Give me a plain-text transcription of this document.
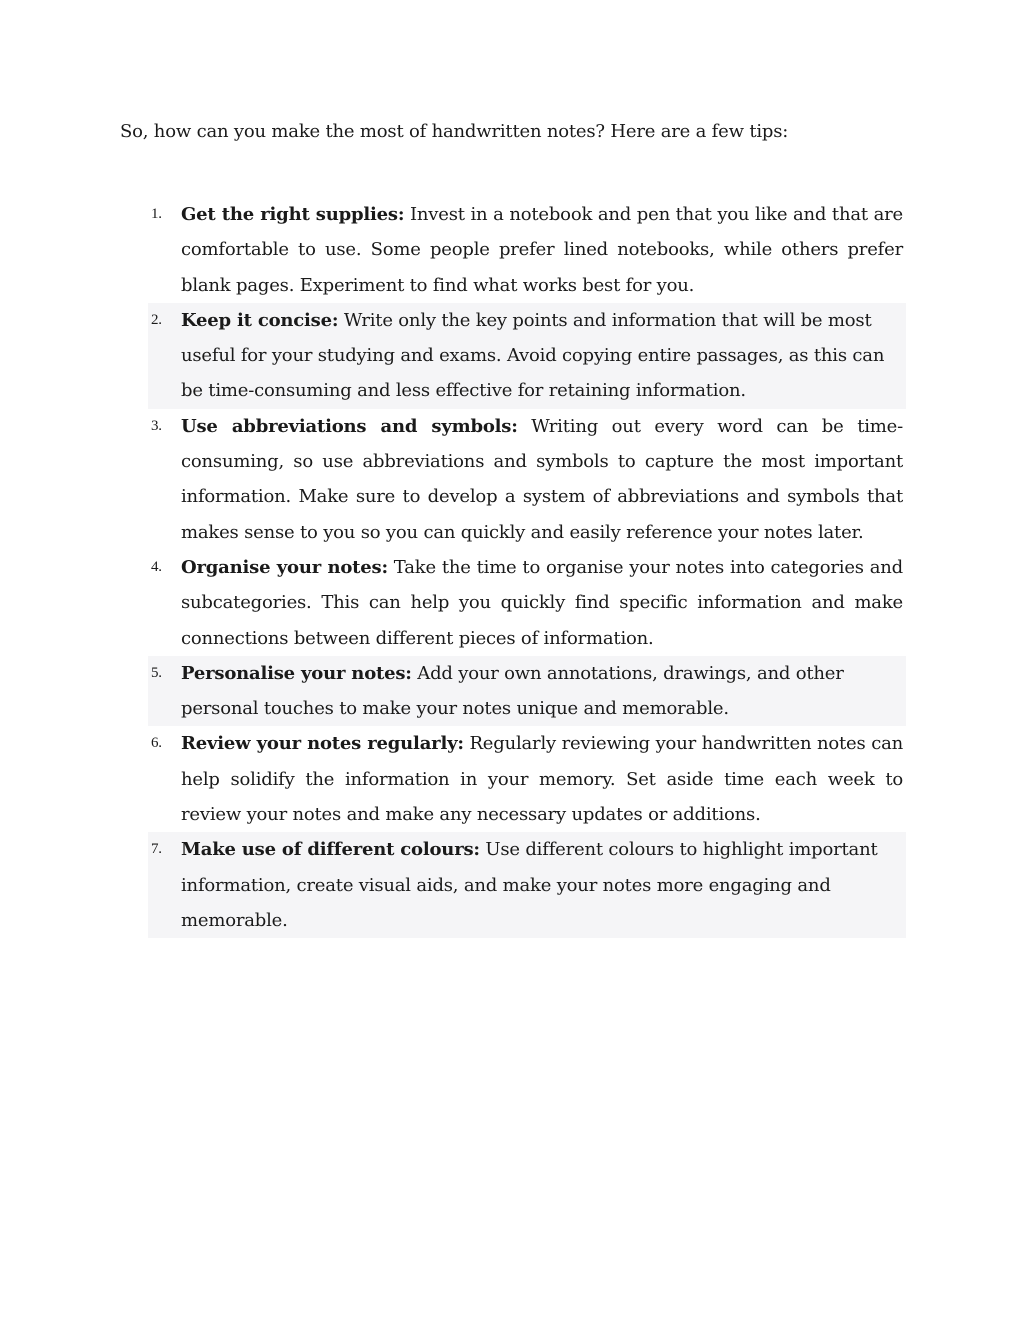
So, how can you make the most of handwritten notes? Here are a few tips:

1. Get the right supplies: Invest in a notebook and pen that you like and that are comfortable to use. Some people prefer lined notebooks, while others prefer blank pages. Experiment to find what works best for you.
2. Keep it concise: Write only the key points and information that will be most useful for your studying and exams. Avoid copying entire passages, as this can be time-consuming and less effective for retaining information.
3. Use abbreviations and symbols: Writing out every word can be time-consuming, so use abbreviations and symbols to capture the most important information. Make sure to develop a system of abbreviations and symbols that makes sense to you so you can quickly and easily reference your notes later.
4. Organise your notes: Take the time to organise your notes into categories and subcategories. This can help you quickly find specific information and make connections between different pieces of information.
5. Personalise your notes: Add your own annotations, drawings, and other personal touches to make your notes unique and memorable.
6. Review your notes regularly: Regularly reviewing your handwritten notes can help solidify the information in your memory. Set aside time each week to review your notes and make any necessary updates or additions.
7. Make use of different colours: Use different colours to highlight important information, create visual aids, and make your notes more engaging and memorable.
